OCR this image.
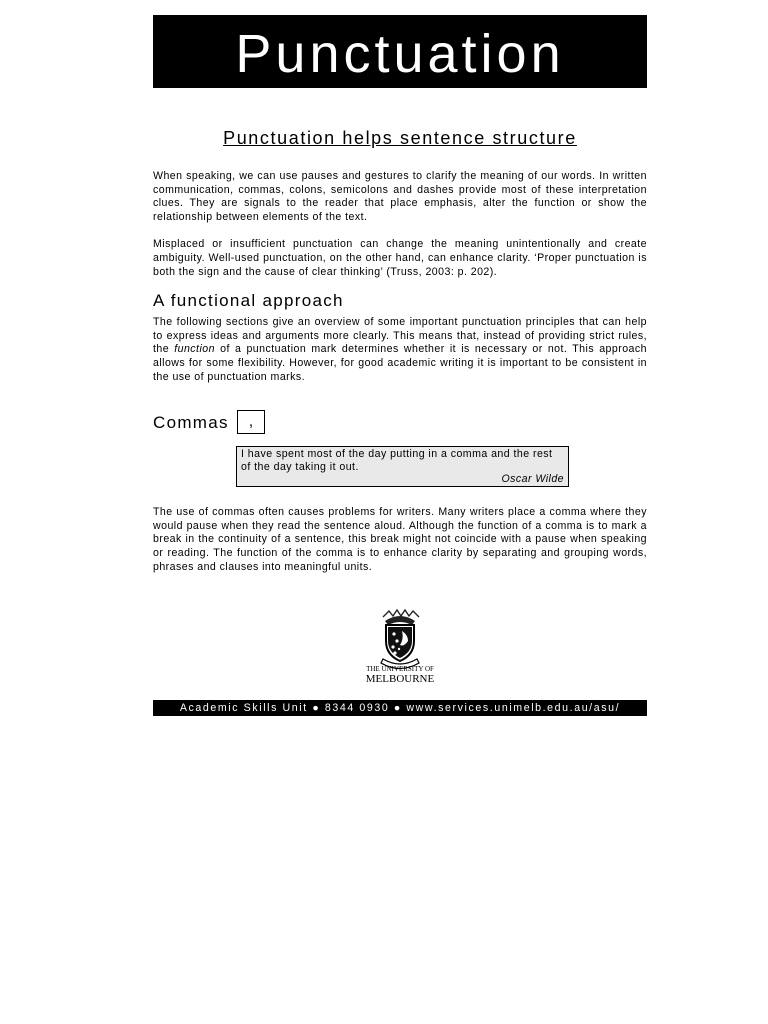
Punctuation
Punctuation helps sentence structure

When speaking, we can use pauses and gestures to clarify the meaning of our words. In written communication, commas, colons, semicolons and dashes provide most of these interpretation clues. They are signals to the reader that place emphasis, alter the function or show the relationship between elements of the text.

Misplaced or insufficient punctuation can change the meaning unintentionally and create ambiguity. Well-used punctuation, on the other hand, can enhance clarity. ‘Proper punctuation is both the sign and the cause of clear thinking’ (Truss, 2003: p. 202).

A functional approach

The following sections give an overview of some important punctuation principles that can help to express ideas and arguments more clearly. This means that, instead of providing strict rules, the function of a punctuation mark determines whether it is necessary or not. This approach allows for some flexibility. However, for good academic writing it is important to be consistent in the use of punctuation marks.

Commas	,
I have spent most of the day putting in a comma and the rest of the day taking it out.
Oscar Wilde

The use of commas often causes problems for writers. Many writers place a comma where they would pause when they read the sentence aloud. Although the function of a comma is to mark a break in the continuity of a sentence, this break might not coincide with a pause when speaking or reading. The function of the comma is to enhance clarity by separating and grouping words, phrases and clauses into meaningful units.

THE UNIVERSITY OF
MELBOURNE
Academic Skills Unit ● 8344 0930 ● www.services.unimelb.edu.au/asu/
